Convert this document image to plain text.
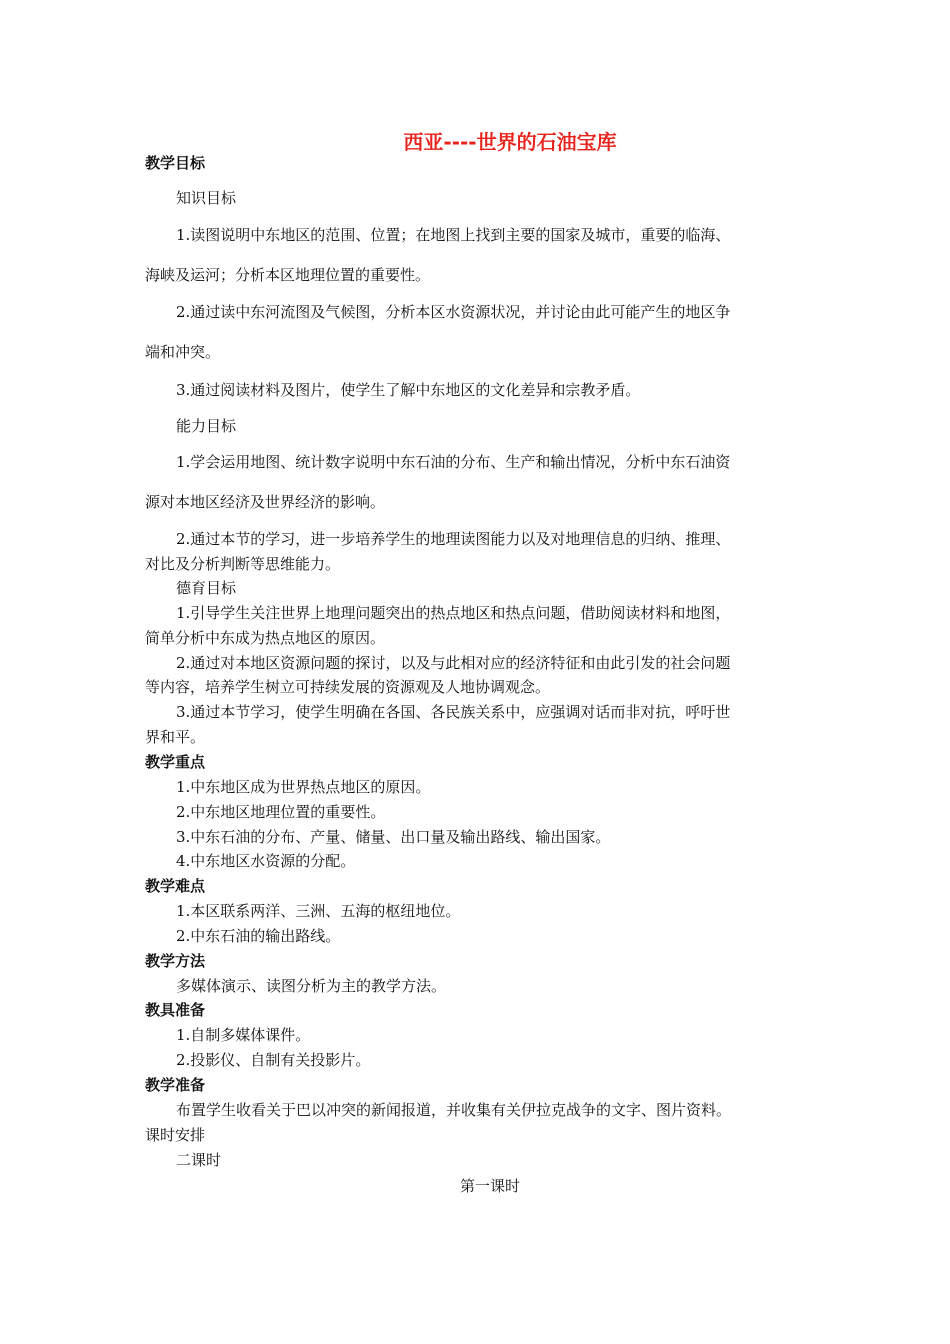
西亚----世界的石油宝库
教学目标
知识目标
1.读图说明中东地区的范围、位置；在地图上找到主要的国家及城市，重要的临海、
海峡及运河；分析本区地理位置的重要性。
2.通过读中东河流图及气候图，分析本区水资源状况，并讨论由此可能产生的地区争
端和冲突。
3.通过阅读材料及图片，使学生了解中东地区的文化差异和宗教矛盾。
能力目标
1.学会运用地图、统计数字说明中东石油的分布、生产和输出情况，分析中东石油资
源对本地区经济及世界经济的影响。
2.通过本节的学习，进一步培养学生的地理读图能力以及对地理信息的归纳、推理、
对比及分析判断等思维能力。
德育目标
1.引导学生关注世界上地理问题突出的热点地区和热点问题，借助阅读材料和地图，
简单分析中东成为热点地区的原因。
2.通过对本地区资源问题的探讨，以及与此相对应的经济特征和由此引发的社会问题
等内容，培养学生树立可持续发展的资源观及人地协调观念。
3.通过本节学习，使学生明确在各国、各民族关系中，应强调对话而非对抗，呼吁世
界和平。
教学重点
1.中东地区成为世界热点地区的原因。
2.中东地区地理位置的重要性。
3.中东石油的分布、产量、储量、出口量及输出路线、输出国家。
4.中东地区水资源的分配。
教学难点
1.本区联系两洋、三洲、五海的枢纽地位。
2.中东石油的输出路线。
教学方法
多媒体演示、读图分析为主的教学方法。
教具准备
1.自制多媒体课件。
2.投影仪、自制有关投影片。
教学准备
布置学生收看关于巴以冲突的新闻报道，并收集有关伊拉克战争的文字、图片资料。
课时安排
二课时
第一课时
